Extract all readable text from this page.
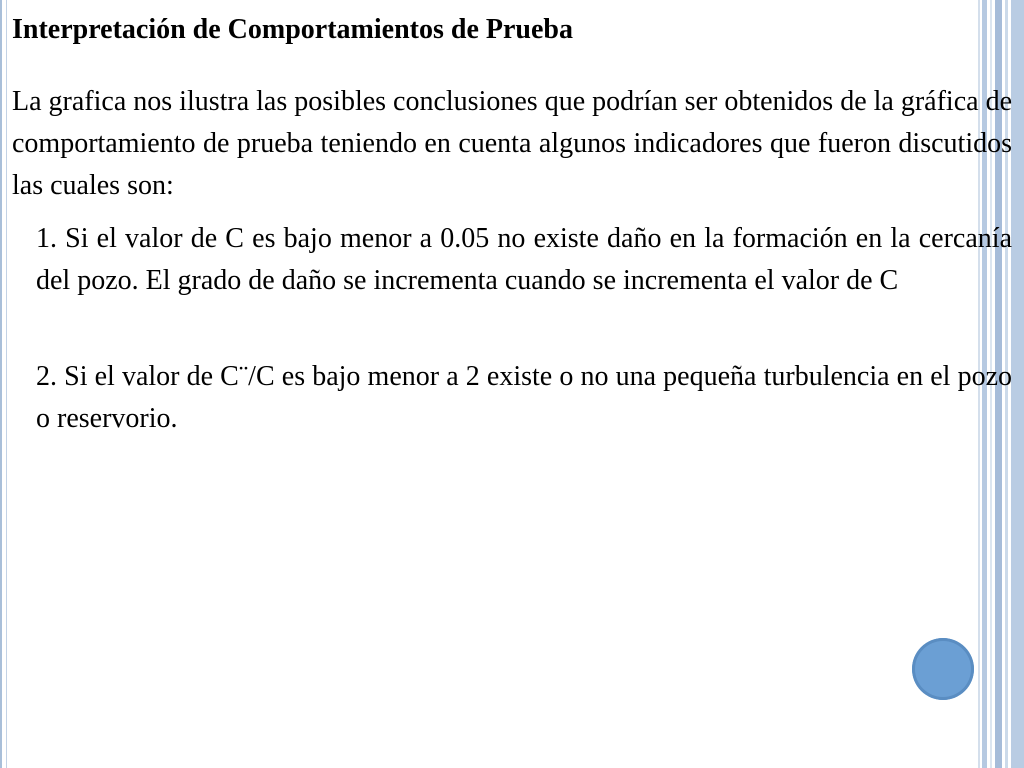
Interpretación de Comportamientos de Prueba

La grafica nos ilustra las posibles conclusiones que podrían ser obtenidos de la gráfica de comportamiento de prueba teniendo en cuenta algunos indicadores que fueron discutidos las cuales son:

1. Si el valor de C es bajo menor a 0.05 no existe daño en la formación en la cercanía del pozo. El grado de daño se incrementa cuando se incrementa el valor de C

2. Si el valor de C¨/C es bajo menor a 2 existe o no una pequeña turbulencia en el pozo o reservorio.
